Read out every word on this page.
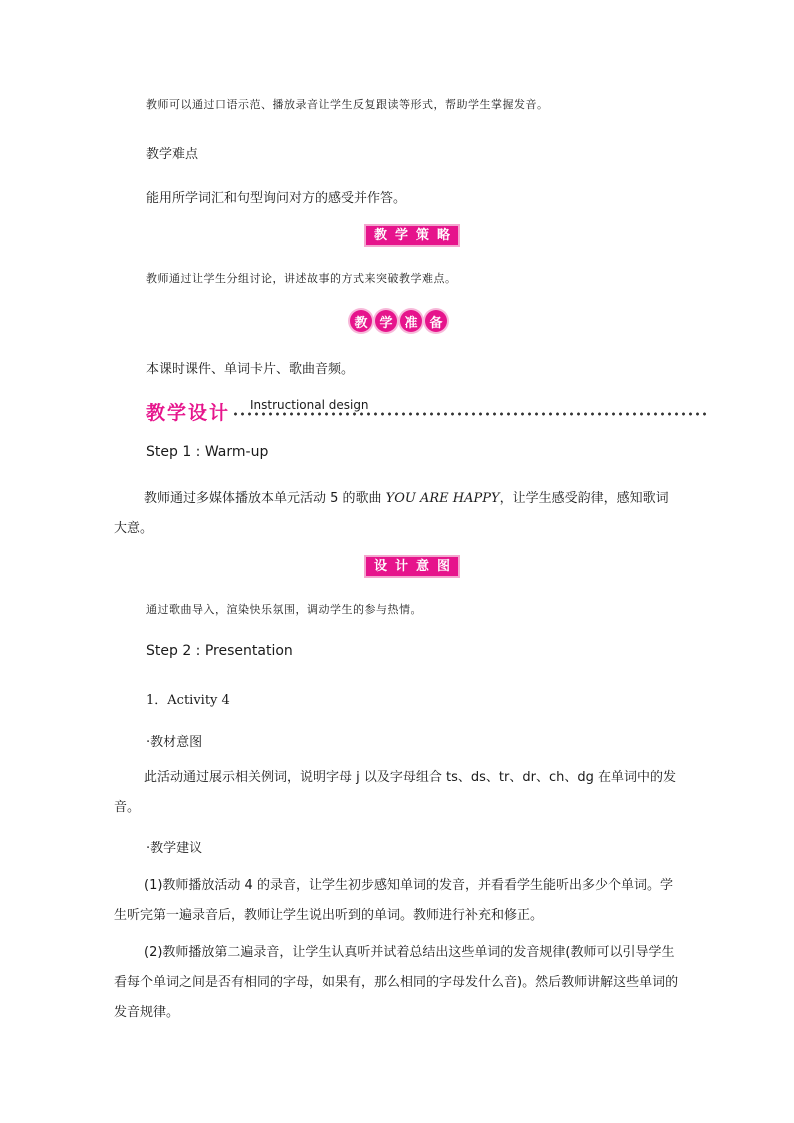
教师可以通过口语示范、播放录音让学生反复跟读等形式，帮助学生掌握发音。
教学难点
能用所学词汇和句型询问对方的感受并作答。
教学策略
教师通过让学生分组讨论，讲述故事的方式来突破教学难点。
教 学 准 备
本课时课件、单词卡片、歌曲音频。
教学设计 Instructional design
Step 1 : Warm-up
教师通过多媒体播放本单元活动 5 的歌曲 YOU ARE HAPPY，让学生感受韵律，感知歌词大意。
设计意图
通过歌曲导入，渲染快乐氛围，调动学生的参与热情。
Step 2 : Presentation
1．Activity 4
·教材意图
此活动通过展示相关例词，说明字母 j 以及字母组合 ts、ds、tr、dr、ch、dg 在单词中的发音。
·教学建议
(1)教师播放活动 4 的录音，让学生初步感知单词的发音，并看看学生能听出多少个单词。学生听完第一遍录音后，教师让学生说出听到的单词。教师进行补充和修正。
(2)教师播放第二遍录音，让学生认真听并试着总结出这些单词的发音规律(教师可以引导学生看每个单词之间是否有相同的字母，如果有，那么相同的字母发什么音)。然后教师讲解这些单词的发音规律。
